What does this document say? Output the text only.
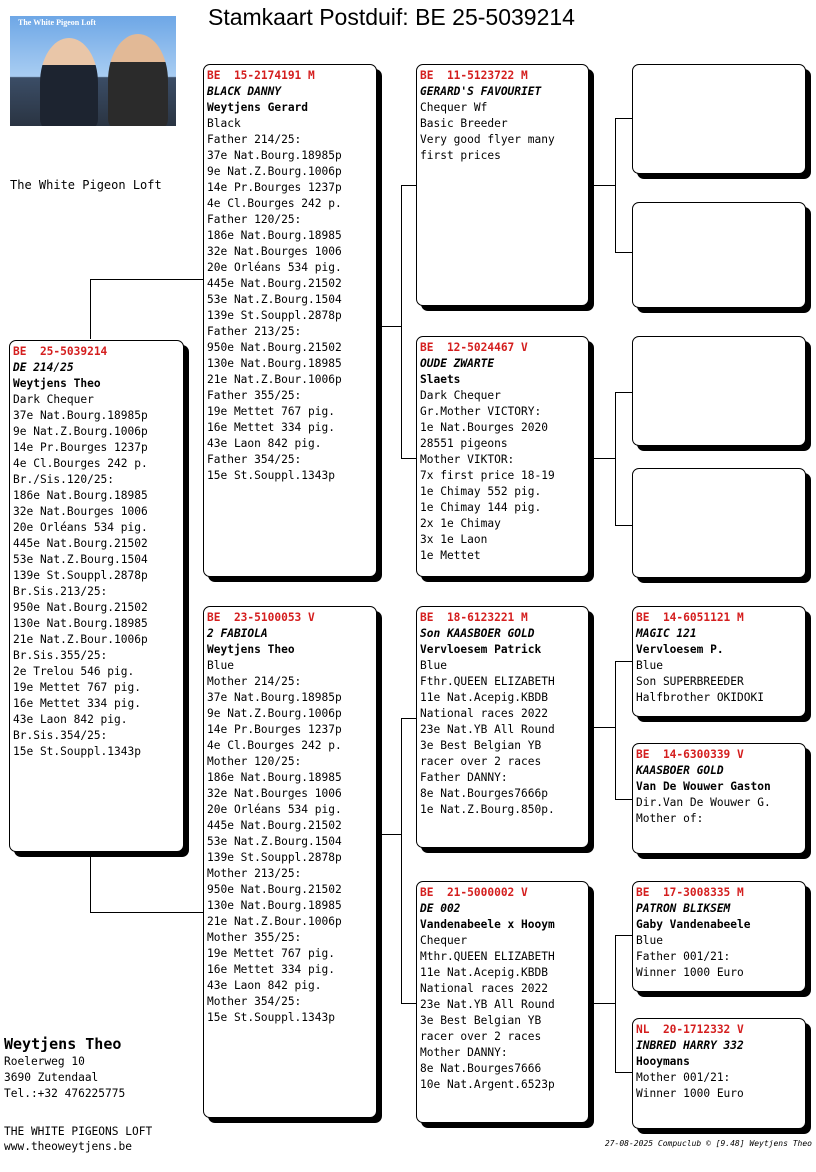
Stamkaart Postduif: BE 25-5039214
The White Pigeon Loft
The White Pigeon Loft
BE  25-5039214
DE 214/25
Weytjens Theo
Dark Chequer
37e Nat.Bourg.18985p
9e Nat.Z.Bourg.1006p
14e Pr.Bourges 1237p
4e Cl.Bourges 242 p.
Br./Sis.120/25:
186e Nat.Bourg.18985
32e Nat.Bourges 1006
20e Orléans 534 pig.
445e Nat.Bourg.21502
53e Nat.Z.Bourg.1504
139e St.Souppl.2878p
Br.Sis.213/25:
950e Nat.Bourg.21502
130e Nat.Bourg.18985
21e Nat.Z.Bour.1006p
Br.Sis.355/25:
2e Trelou 546 pig.
19e Mettet 767 pig.
16e Mettet 334 pig.
43e Laon 842 pig.
Br.Sis.354/25:
15e St.Souppl.1343p
BE  15-2174191 M
BLACK DANNY
Weytjens Gerard
Black
Father 214/25:
37e Nat.Bourg.18985p
9e Nat.Z.Bourg.1006p
14e Pr.Bourges 1237p
4e Cl.Bourges 242 p.
Father 120/25:
186e Nat.Bourg.18985
32e Nat.Bourges 1006
20e Orléans 534 pig.
445e Nat.Bourg.21502
53e Nat.Z.Bourg.1504
139e St.Souppl.2878p
Father 213/25:
950e Nat.Bourg.21502
130e Nat.Bourg.18985
21e Nat.Z.Bour.1006p
Father 355/25:
19e Mettet 767 pig.
16e Mettet 334 pig.
43e Laon 842 pig.
Father 354/25:
15e St.Souppl.1343p
BE  23-5100053 V
2 FABIOLA
Weytjens Theo
Blue
Mother 214/25:
37e Nat.Bourg.18985p
9e Nat.Z.Bourg.1006p
14e Pr.Bourges 1237p
4e Cl.Bourges 242 p.
Mother 120/25:
186e Nat.Bourg.18985
32e Nat.Bourges 1006
20e Orléans 534 pig.
445e Nat.Bourg.21502
53e Nat.Z.Bourg.1504
139e St.Souppl.2878p
Mother 213/25:
950e Nat.Bourg.21502
130e Nat.Bourg.18985
21e Nat.Z.Bour.1006p
Mother 355/25:
19e Mettet 767 pig.
16e Mettet 334 pig.
43e Laon 842 pig.
Mother 354/25:
15e St.Souppl.1343p
BE  11-5123722 M
GERARD'S FAVOURIET
Chequer Wf
Basic Breeder
Very good flyer many
first prices
BE  12-5024467 V
OUDE ZWARTE
Slaets
Dark Chequer
Gr.Mother VICTORY:
1e Nat.Bourges 2020
28551 pigeons
Mother VIKTOR:
7x first price 18-19
1e Chimay 552 pig.
1e Chimay 144 pig.
2x 1e Chimay
3x 1e Laon
1e Mettet
BE  18-6123221 M
Son KAASBOER GOLD
Vervloesem Patrick
Blue
Fthr.QUEEN ELIZABETH
11e Nat.Acepig.KBDB
National races 2022
23e Nat.YB All Round
3e Best Belgian YB
racer over 2 races
Father DANNY:
8e Nat.Bourges7666p
1e Nat.Z.Bourg.850p.
BE  21-5000002 V
DE 002
Vandenabeele x Hooym
Chequer
Mthr.QUEEN ELIZABETH
11e Nat.Acepig.KBDB
National races 2022
23e Nat.YB All Round
3e Best Belgian YB
racer over 2 races
Mother DANNY:
8e Nat.Bourges7666
10e Nat.Argent.6523p
BE  14-6051121 M
MAGIC 121
Vervloesem P.
Blue
Son SUPERBREEDER
Halfbrother OKIDOKI
BE  14-6300339 V
KAASBOER GOLD
Van De Wouwer Gaston
Dir.Van De Wouwer G.
Mother of:
BE  17-3008335 M
PATRON BLIKSEM
Gaby Vandenabeele
Blue
Father 001/21:
Winner 1000 Euro
NL  20-1712332 V
INBRED HARRY 332
Hooymans
Mother 001/21:
Winner 1000 Euro
Weytjens Theo
Roelerweg 10
3690 Zutendaal
Tel.:+32 476225775
THE WHITE PIGEONS LOFT
www.theoweytjens.be	27-08-2025 Compuclub © [9.48] Weytjens Theo
